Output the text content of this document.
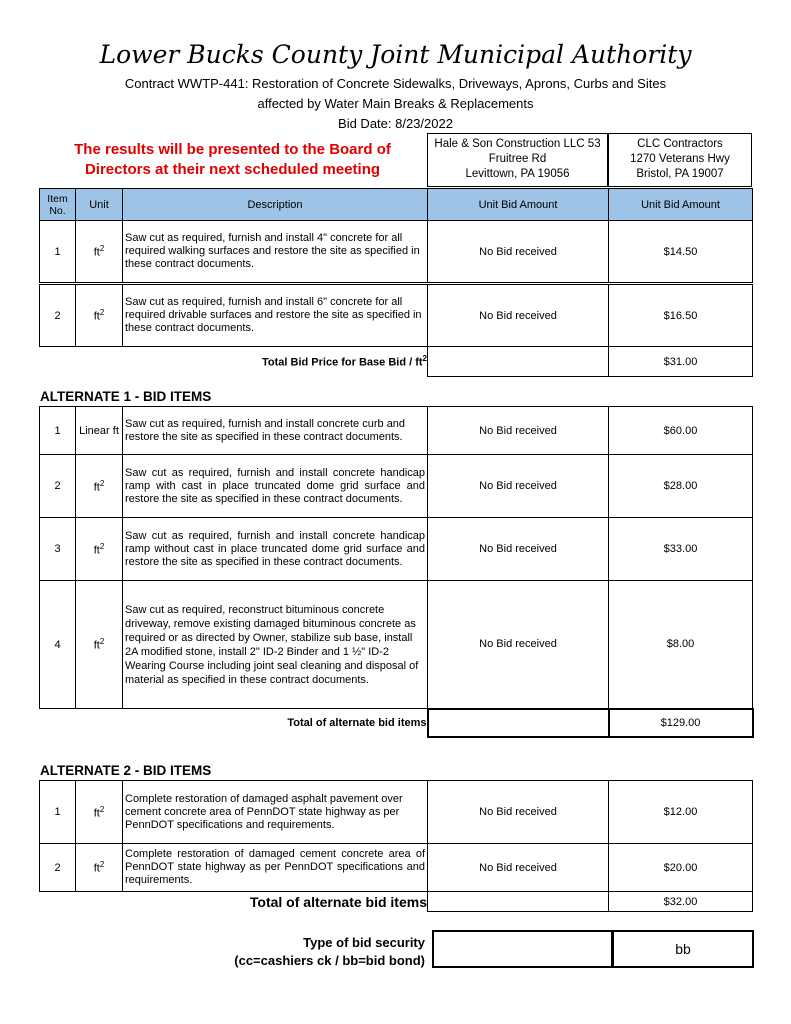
Lower Bucks County Joint Municipal Authority
Contract WWTP-441: Restoration of Concrete Sidewalks, Driveways, Aprons, Curbs and Sites
affected by Water Main Breaks & Replacements
Bid Date: 8/23/2022
The results will be presented to the Board of Directors at their next scheduled meeting
Hale & Son Construction LLC 53
Fruitree Rd
Levittown, PA 19056
CLC Contractors
1270 Veterans Hwy
Bristol, PA 19007
Item No.	Unit	Description	Unit Bid Amount	Unit Bid Amount
1	$ft^2$	Saw cut as required, furnish and install 4" concrete for all required walking surfaces and restore the site as specified in these contract documents.	No Bid received	$14.50

2	$ft^2$	Saw cut as required, furnish and install 6" concrete for all required drivable surfaces and restore the site as specified in these contract documents.	No Bid received	$16.50
Total Bid Price for Base Bid / $ft^2$				$31.00
ALTERNATE 1 - BID ITEMS
1	Linear ft	Saw cut as required, furnish and install concrete curb and restore the site as specified in these contract documents.	No Bid received	$60.00
2	$ft^2$	Saw cut as required, furnish and install concrete handicap ramp with cast in place truncated dome grid surface and restore the site as specified in these contract documents.	No Bid received	$28.00
3	$ft^2$	Saw cut as required, furnish and install concrete handicap ramp without cast in place truncated dome grid surface and restore the site as specified in these contract documents.	No Bid received	$33.00
4	$ft^2$	Saw cut as required, reconstruct bituminous concrete driveway, remove existing damaged bituminous concrete as required or as directed by Owner, stabilize sub base, install 2A modified stone, install 2" ID-2 Binder and 1 ½" ID-2 Wearing Course including joint seal cleaning and disposal of material as specified in these contract documents.	No Bid received	$8.00
Total of alternate bid items				$129.00
ALTERNATE 2 - BID ITEMS
1	$ft^2$	Complete restoration of damaged asphalt pavement over cement concrete area of PennDOT state highway as per PennDOT specifications and requirements.	No Bid received	$12.00
2	$ft^2$	Complete restoration of damaged cement concrete area of PennDOT state highway as per PennDOT specifications and requirements.	No Bid received	$20.00
Total of alternate bid items				$32.00
Type of bid security
(cc=cashiers ck / bb=bid bond)
bb
